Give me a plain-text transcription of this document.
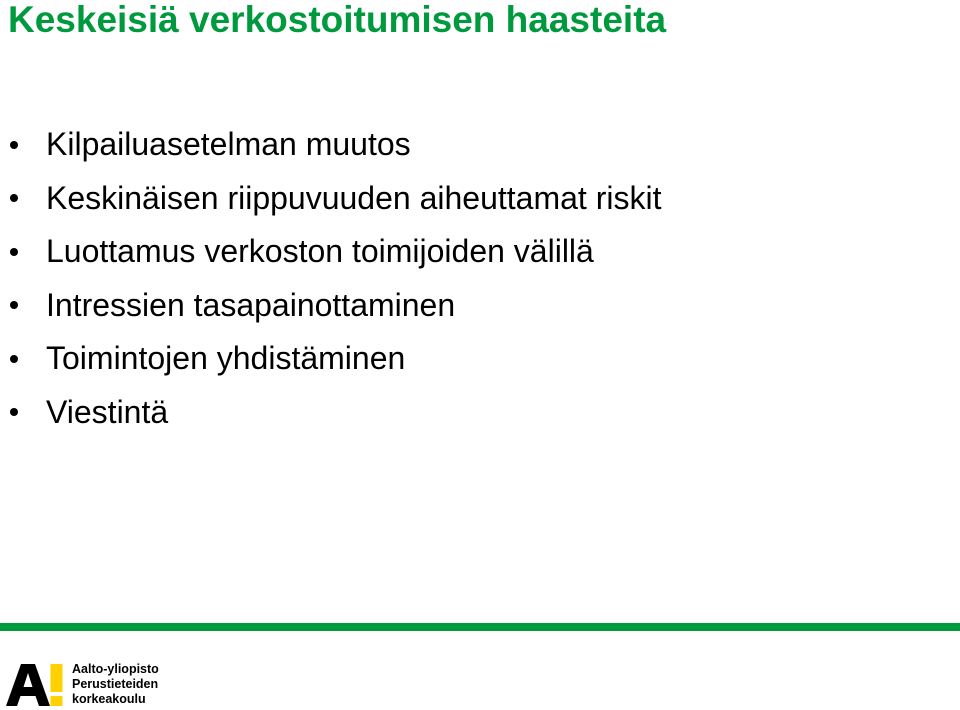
Keskeisiä verkostoitumisen haasteita
Kilpailuasetelman muutos
Keskinäisen riippuvuuden aiheuttamat riskit
Luottamus verkoston toimijoiden välillä
Intressien tasapainottaminen
Toimintojen yhdistäminen
Viestintä
Aalto-yliopisto
Perustieteiden
korkeakoulu
